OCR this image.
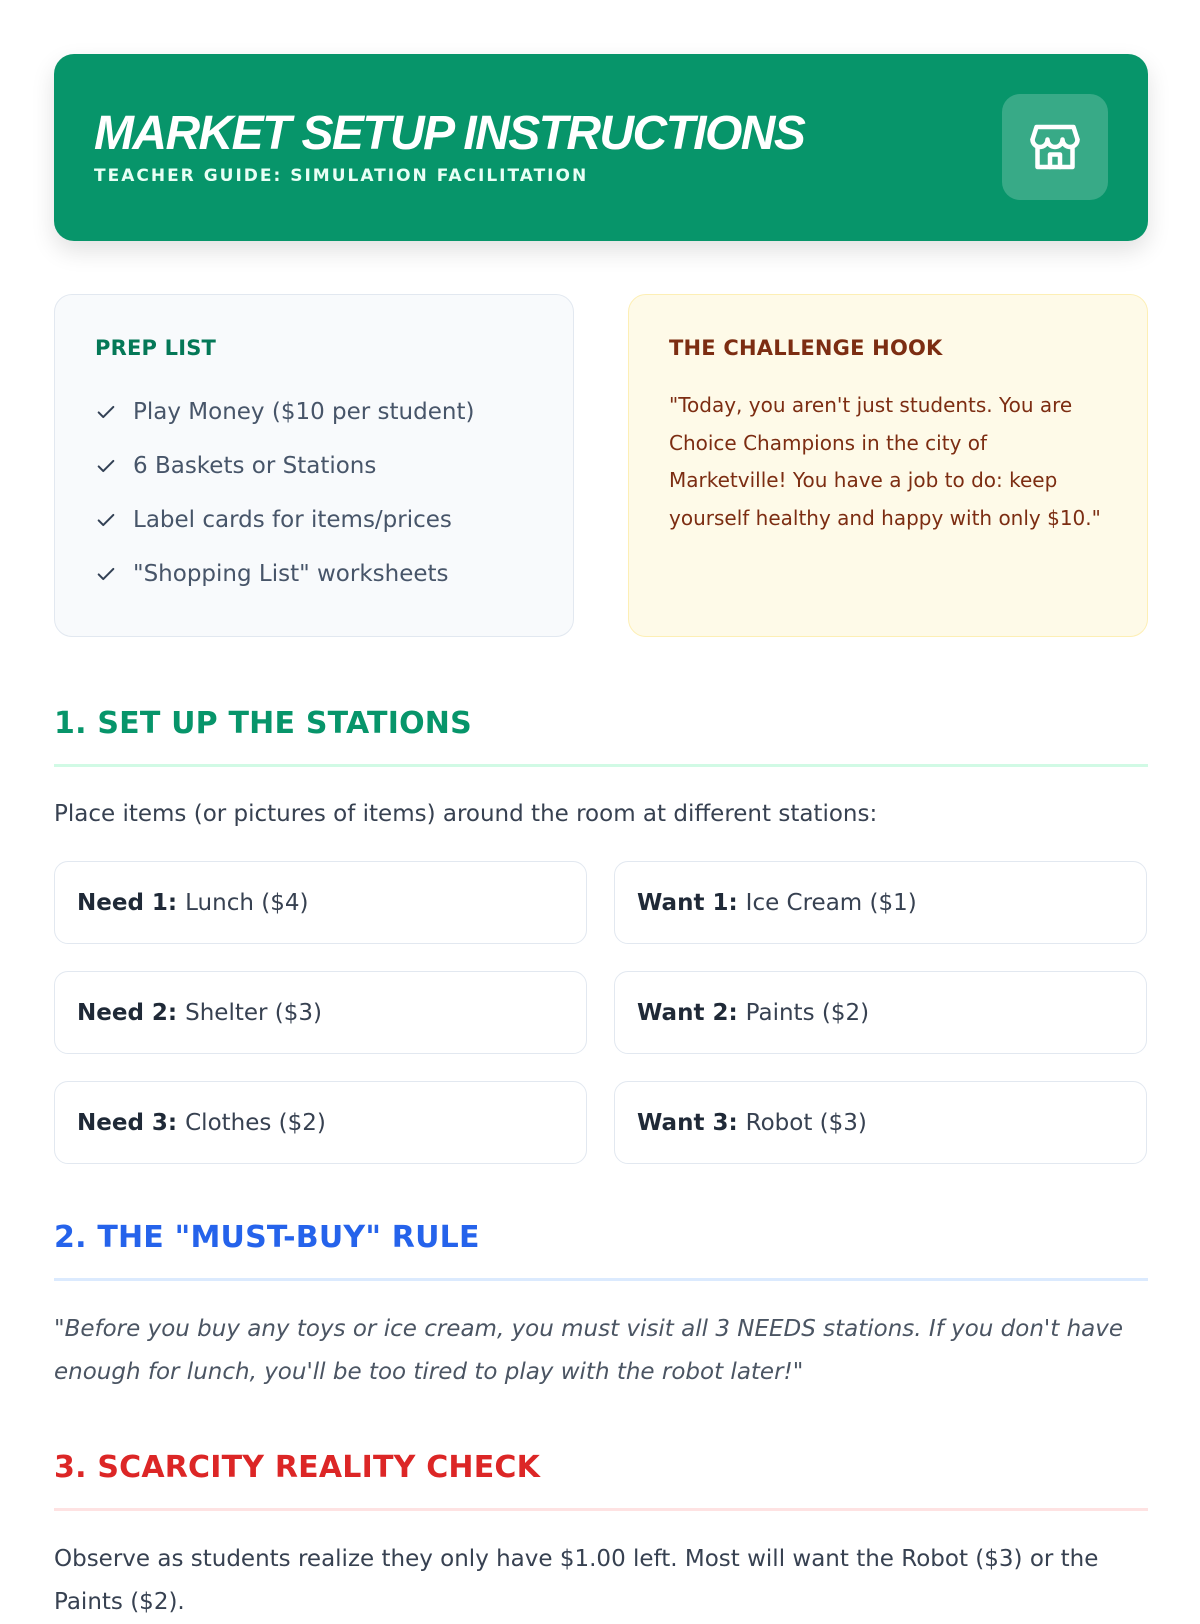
MARKET SETUP INSTRUCTIONS
TEACHER GUIDE: SIMULATION FACILITATION
PREP LIST
Play Money ($10 per student)
6 Baskets or Stations
Label cards for items/prices
"Shopping List" worksheets
THE CHALLENGE HOOK

"Today, you aren't just students. You are Choice Champions in the city of Marketville! You have a job to do: keep yourself healthy and happy with only $10."

1. SET UP THE STATIONS

Place items (or pictures of items) around the room at different stations:

Need 1: Lunch ($4)	Want 1: Ice Cream ($1)
Need 2: Shelter ($3)	Want 2: Paints ($2)
Need 3: Clothes ($2)	Want 3: Robot ($3)
2. THE "MUST-BUY" RULE

"Before you buy any toys or ice cream, you must visit all 3 NEEDS stations. If you don't have enough for lunch, you'll be too tired to play with the robot later!"

3. SCARCITY REALITY CHECK

Observe as students realize they only have $1.00 left. Most will want the Robot ($3) or the Paints ($2).
